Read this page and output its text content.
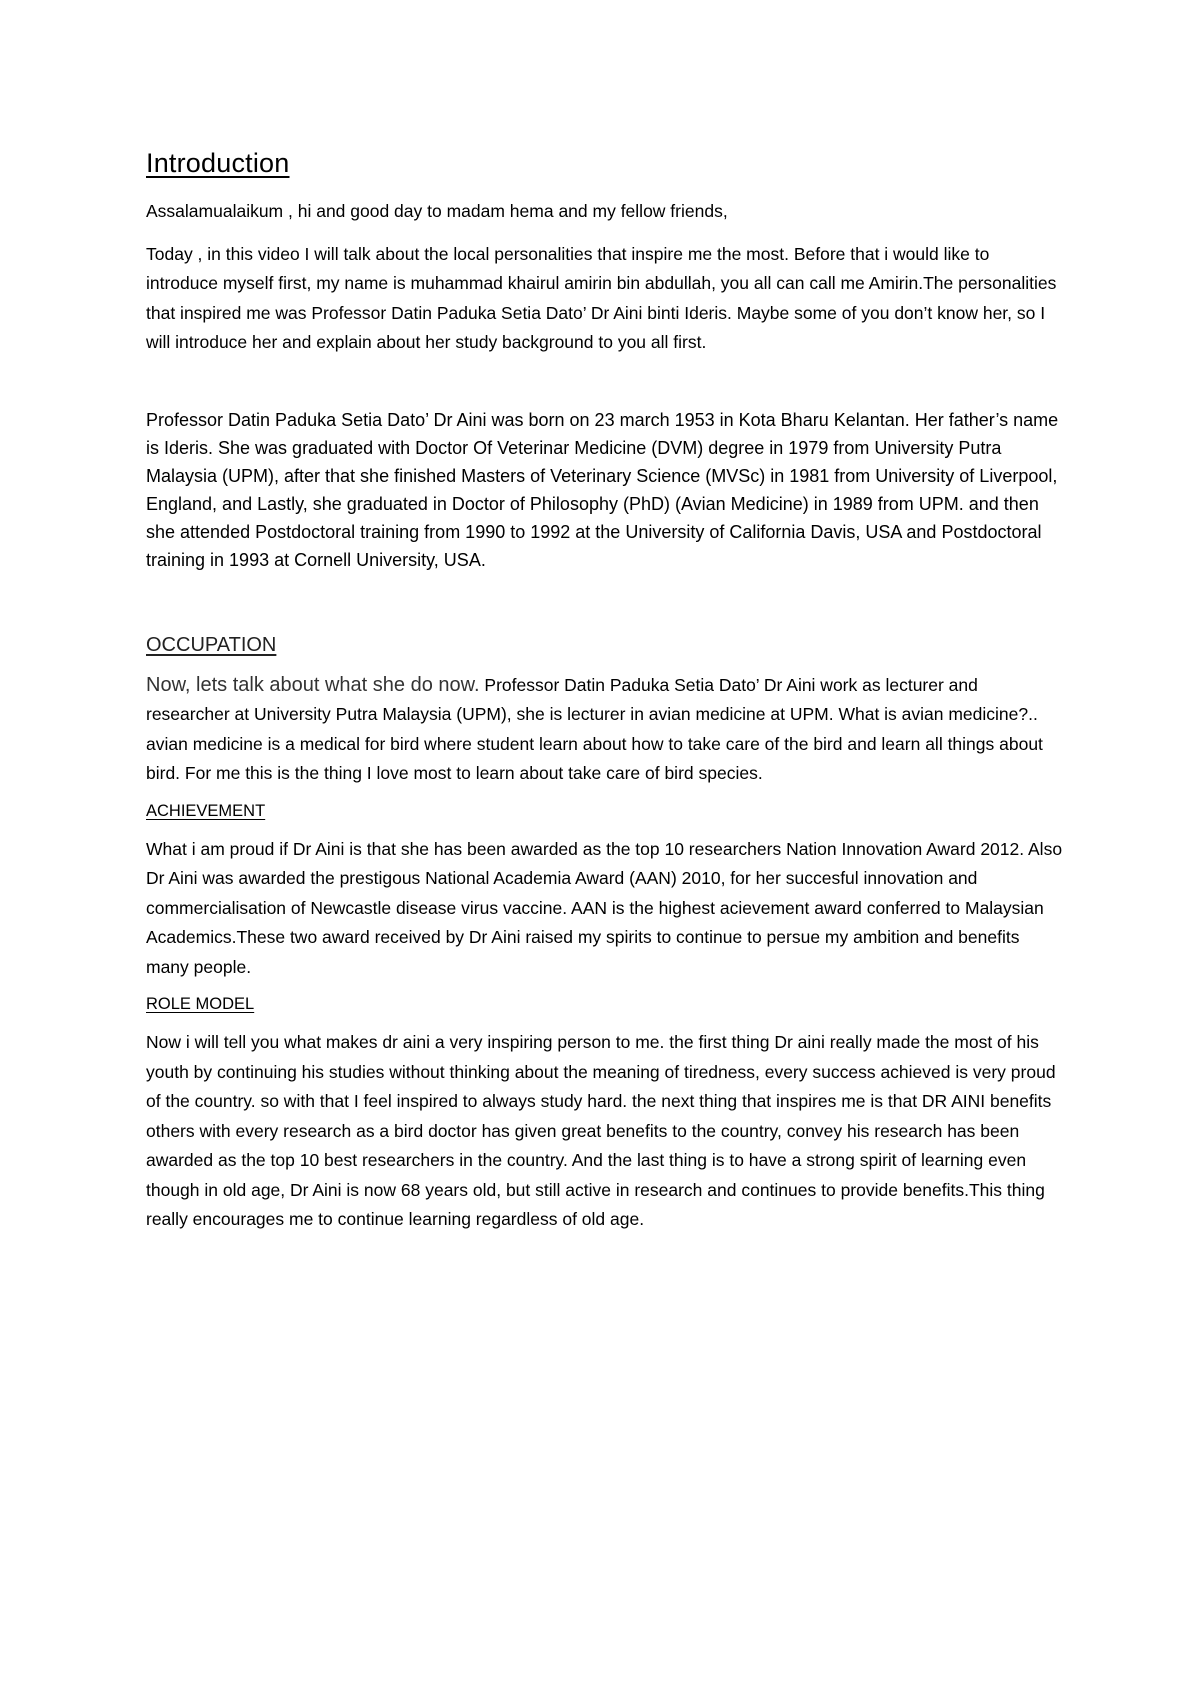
Introduction

Assalamualaikum , hi and good day to madam hema and my fellow friends,

Today , in this video I will talk about the local personalities that inspire me the most. Before that i would like to introduce myself first, my name is muhammad khairul amirin bin abdullah, you all can call me Amirin.The personalities that inspired me was Professor Datin Paduka Setia Dato’ Dr Aini binti Ideris. Maybe some of you don’t know her, so I will introduce her and explain about her study background to you all first.

Professor Datin Paduka Setia Dato’ Dr Aini was born on 23 march 1953 in Kota Bharu Kelantan. Her father’s name is Ideris. She was graduated with Doctor Of Veterinar Medicine (DVM) degree in 1979 from University Putra Malaysia (UPM), after that she finished Masters of Veterinary Science (MVSc) in 1981 from University of Liverpool, England, and Lastly, she graduated in Doctor of Philosophy (PhD) (Avian Medicine) in 1989 from UPM. and then she attended Postdoctoral training from 1990 to 1992 at the University of California Davis, USA and Postdoctoral training in 1993 at Cornell University, USA.

OCCUPATION

Now, lets talk about what she do now. Professor Datin Paduka Setia Dato’ Dr Aini work as lecturer and researcher at University Putra Malaysia (UPM), she is lecturer in avian medicine at UPM. What is avian medicine?.. avian medicine is a medical for bird where student learn about how to take care of the bird and learn all things about bird. For me this is the thing I love most to learn about take care of bird species.

ACHIEVEMENT

What i am proud if Dr Aini is that she has been awarded as the top 10 researchers Nation Innovation Award 2012. Also Dr Aini was awarded the prestigous National Academia Award (AAN) 2010, for her succesful innovation and commercialisation of Newcastle disease virus vaccine. AAN is the highest acievement award conferred to Malaysian Academics.These two award received by Dr Aini raised my spirits to continue to persue my ambition and benefits many people.

ROLE MODEL

Now i will tell you what makes dr aini a very inspiring person to me. the first thing Dr aini really made the most of his youth by continuing his studies without thinking about the meaning of tiredness, every success achieved is very proud of the country. so with that I feel inspired to always study hard. the next thing that inspires me is that DR AINI benefits others with every research as a bird doctor has given great benefits to the country, convey his research has been awarded as the top 10 best researchers in the country. And the last thing is to have a strong spirit of learning even though in old age, Dr Aini is now 68 years old, but still active in research and continues to provide benefits.This thing really encourages me to continue learning regardless of old age.
